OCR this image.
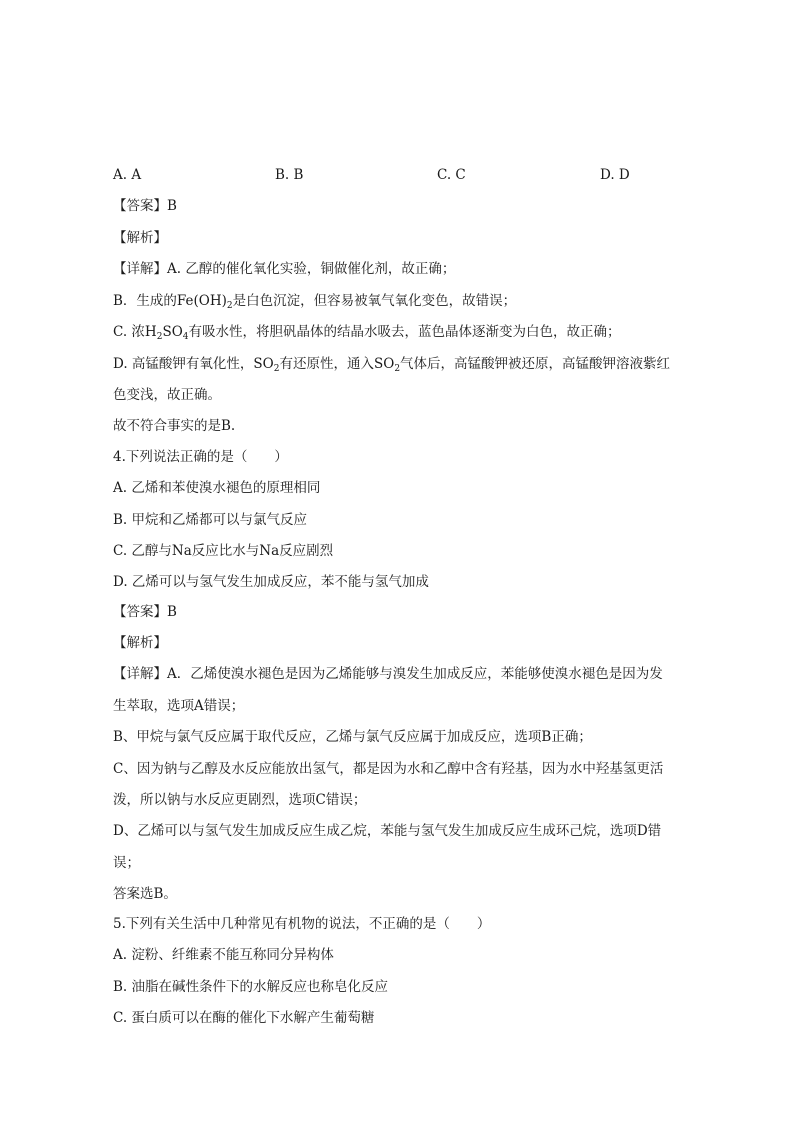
A. A	B. B	C. C	D. D
【答案】B
【解析】
【详解】A. 乙醇的催化氧化实验，铜做催化剂，故正确；
B．生成的$Fe(OH)_2$是白色沉淀，但容易被氧气氧化变色，故错误；
C. 浓$H_2SO_4$有吸水性，将胆矾晶体的结晶水吸去，蓝色晶体逐渐变为白色，故正确；
D. 高锰酸钾有氧化性，$SO_2$有还原性，通入$SO_2$气体后，高锰酸钾被还原，高锰酸钾溶液紫红
色变浅，故正确。
故不符合事实的是B.
4.下列说法正确的是（　　）
A. 乙烯和苯使溴水褪色的原理相同
B. 甲烷和乙烯都可以与氯气反应
C. 乙醇与Na反应比水与Na反应剧烈
D. 乙烯可以与氢气发生加成反应，苯不能与氢气加成
【答案】B
【解析】
【详解】A．乙烯使溴水褪色是因为乙烯能够与溴发生加成反应，苯能够使溴水褪色是因为发
生萃取，选项A错误；
B、甲烷与氯气反应属于取代反应，乙烯与氯气反应属于加成反应，选项B正确；
C、因为钠与乙醇及水反应能放出氢气，都是因为水和乙醇中含有羟基，因为水中羟基氢更活
泼，所以钠与水反应更剧烈，选项C错误；
D、乙烯可以与氢气发生加成反应生成乙烷，苯能与氢气发生加成反应生成环己烷，选项D错
误；
答案选B。
5.下列有关生活中几种常见有机物的说法，不正确的是（　　）
A. 淀粉、纤维素不能互称同分异构体
B. 油脂在碱性条件下的水解反应也称皂化反应
C. 蛋白质可以在酶的催化下水解产生葡萄糖
